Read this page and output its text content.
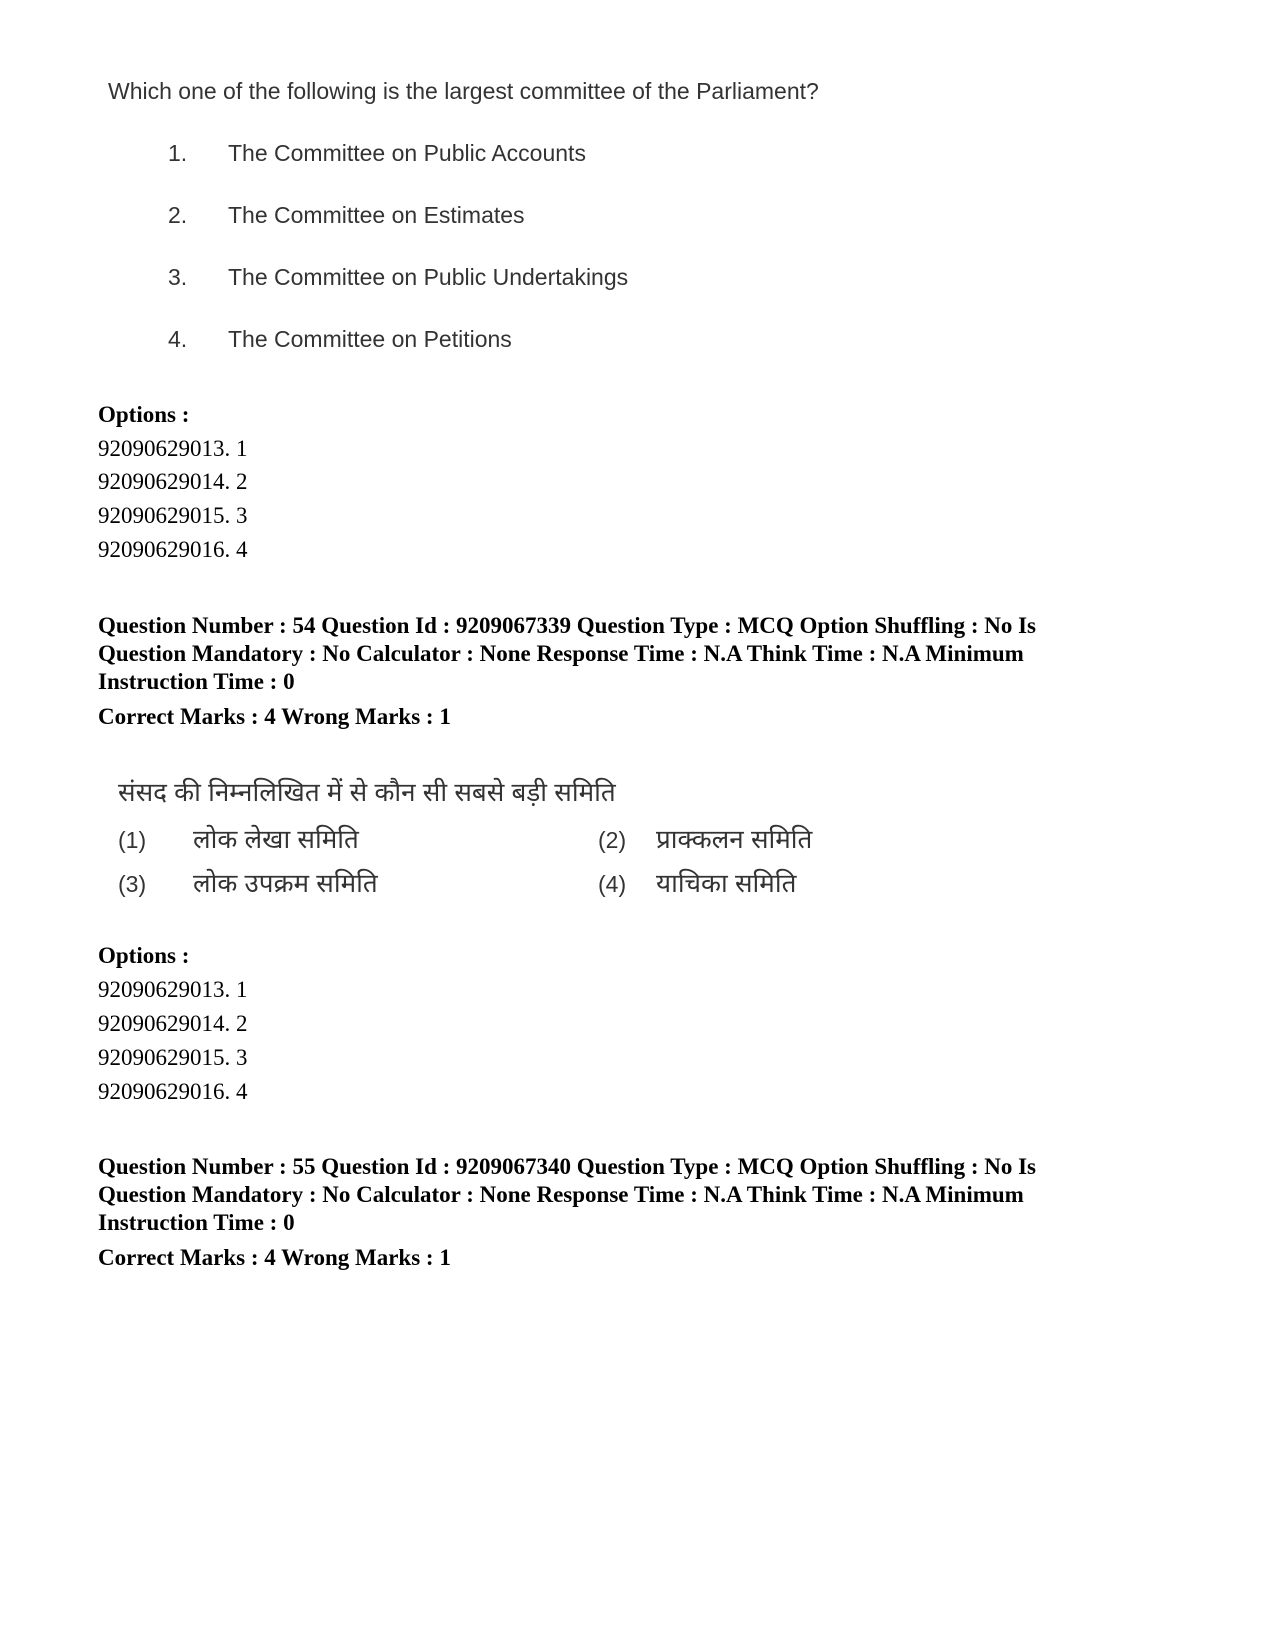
Which one of the following is the largest committee of the Parliament?
1. The Committee on Public Accounts
2. The Committee on Estimates
3. The Committee on Public Undertakings
4. The Committee on Petitions
Options :
92090629013. 1
92090629014. 2
92090629015. 3
92090629016. 4
Question Number : 54 Question Id : 9209067339 Question Type : MCQ Option Shuffling : No Is Question Mandatory : No Calculator : None Response Time : N.A Think Time : N.A Minimum Instruction Time : 0
Correct Marks : 4 Wrong Marks : 1
संसद की निम्नलिखित में से कौन सी सबसे बड़ी समिति
(1) लोक लेखा समिति	(2) प्राक्कलन समिति
(3) लोक उपक्रम समिति	(4) याचिका समिति
Options :
92090629013. 1
92090629014. 2
92090629015. 3
92090629016. 4
Question Number : 55 Question Id : 9209067340 Question Type : MCQ Option Shuffling : No Is Question Mandatory : No Calculator : None Response Time : N.A Think Time : N.A Minimum Instruction Time : 0
Correct Marks : 4 Wrong Marks : 1
